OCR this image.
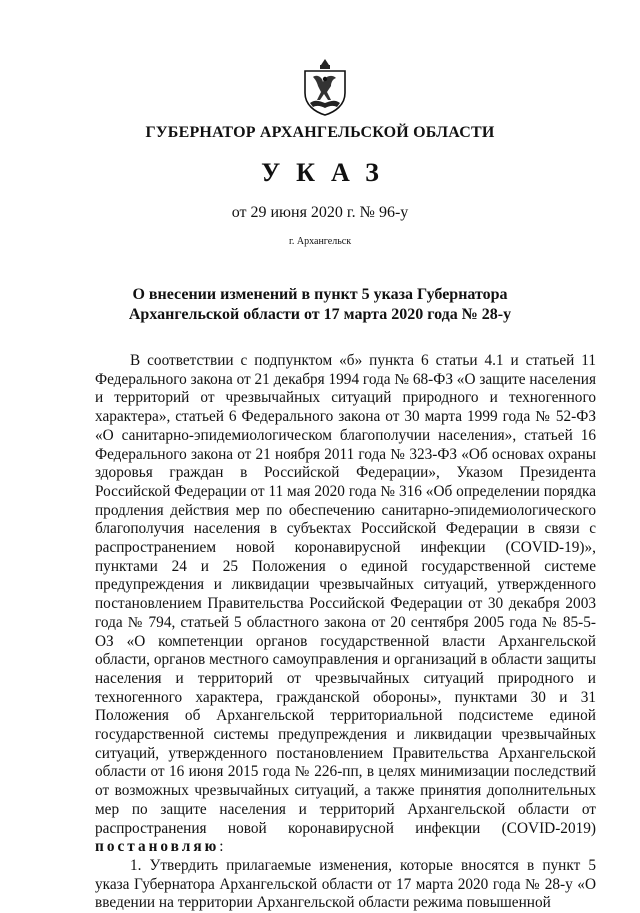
ГУБЕРНАТОР АРХАНГЕЛЬСКОЙ ОБЛАСТИ
УКАЗ
от 29 июня 2020 г. № 96-у
г. Архангельск
О внесении изменений в пункт 5 указа Губернатора
Архангельской области от 17 марта 2020 года № 28-у

В соответствии с подпунктом «б» пункта 6 статьи 4.1 и статьей 11 Федерального закона от 21 декабря 1994 года № 68-ФЗ «О защите населения и территорий от чрезвычайных ситуаций природного и техногенного характера», статьей 6 Федерального закона от 30 марта 1999 года № 52-ФЗ «О санитарно-эпидемиологическом благополучии населения», статьей 16 Федерального закона от 21 ноября 2011 года № 323-ФЗ «Об основах охраны здоровья граждан в Российской Федерации», Указом Президента Российской Федерации от 11 мая 2020 года № 316 «Об определении порядка продления действия мер по обеспечению санитарно-эпидемиологического благополучия населения в субъектах Российской Федерации в связи с распространением новой коронавирусной инфекции (COVID-19)», пунктами 24 и 25 Положения о единой государственной системе предупреждения и ликвидации чрезвычайных ситуаций, утвержденного постановлением Правительства Российской Федерации от 30 декабря 2003 года № 794, статьей 5 областного закона от 20 сентября 2005 года № 85-5-ОЗ «О компетенции органов государственной власти Архангельской области, органов местного самоуправления и организаций в области защиты населения и территорий от чрезвычайных ситуаций природного и техногенного характера, гражданской обороны», пунктами 30 и 31 Положения об Архангельской территориальной подсистеме единой государственной системы предупреждения и ликвидации чрезвычайных ситуаций, утвержденного постановлением Правительства Архангельской области от 16 июня 2015 года № 226-пп, в целях минимизации последствий от возможных чрезвычайных ситуаций, а также принятия дополнительных мер по защите населения и территорий Архангельской области от распространения новой коронавирусной инфекции (COVID-2019) постановляю:

1. Утвердить прилагаемые изменения, которые вносятся в пункт 5 указа Губернатора Архангельской области от 17 марта 2020 года № 28-у «О введении на территории Архангельской области режима повышенной
